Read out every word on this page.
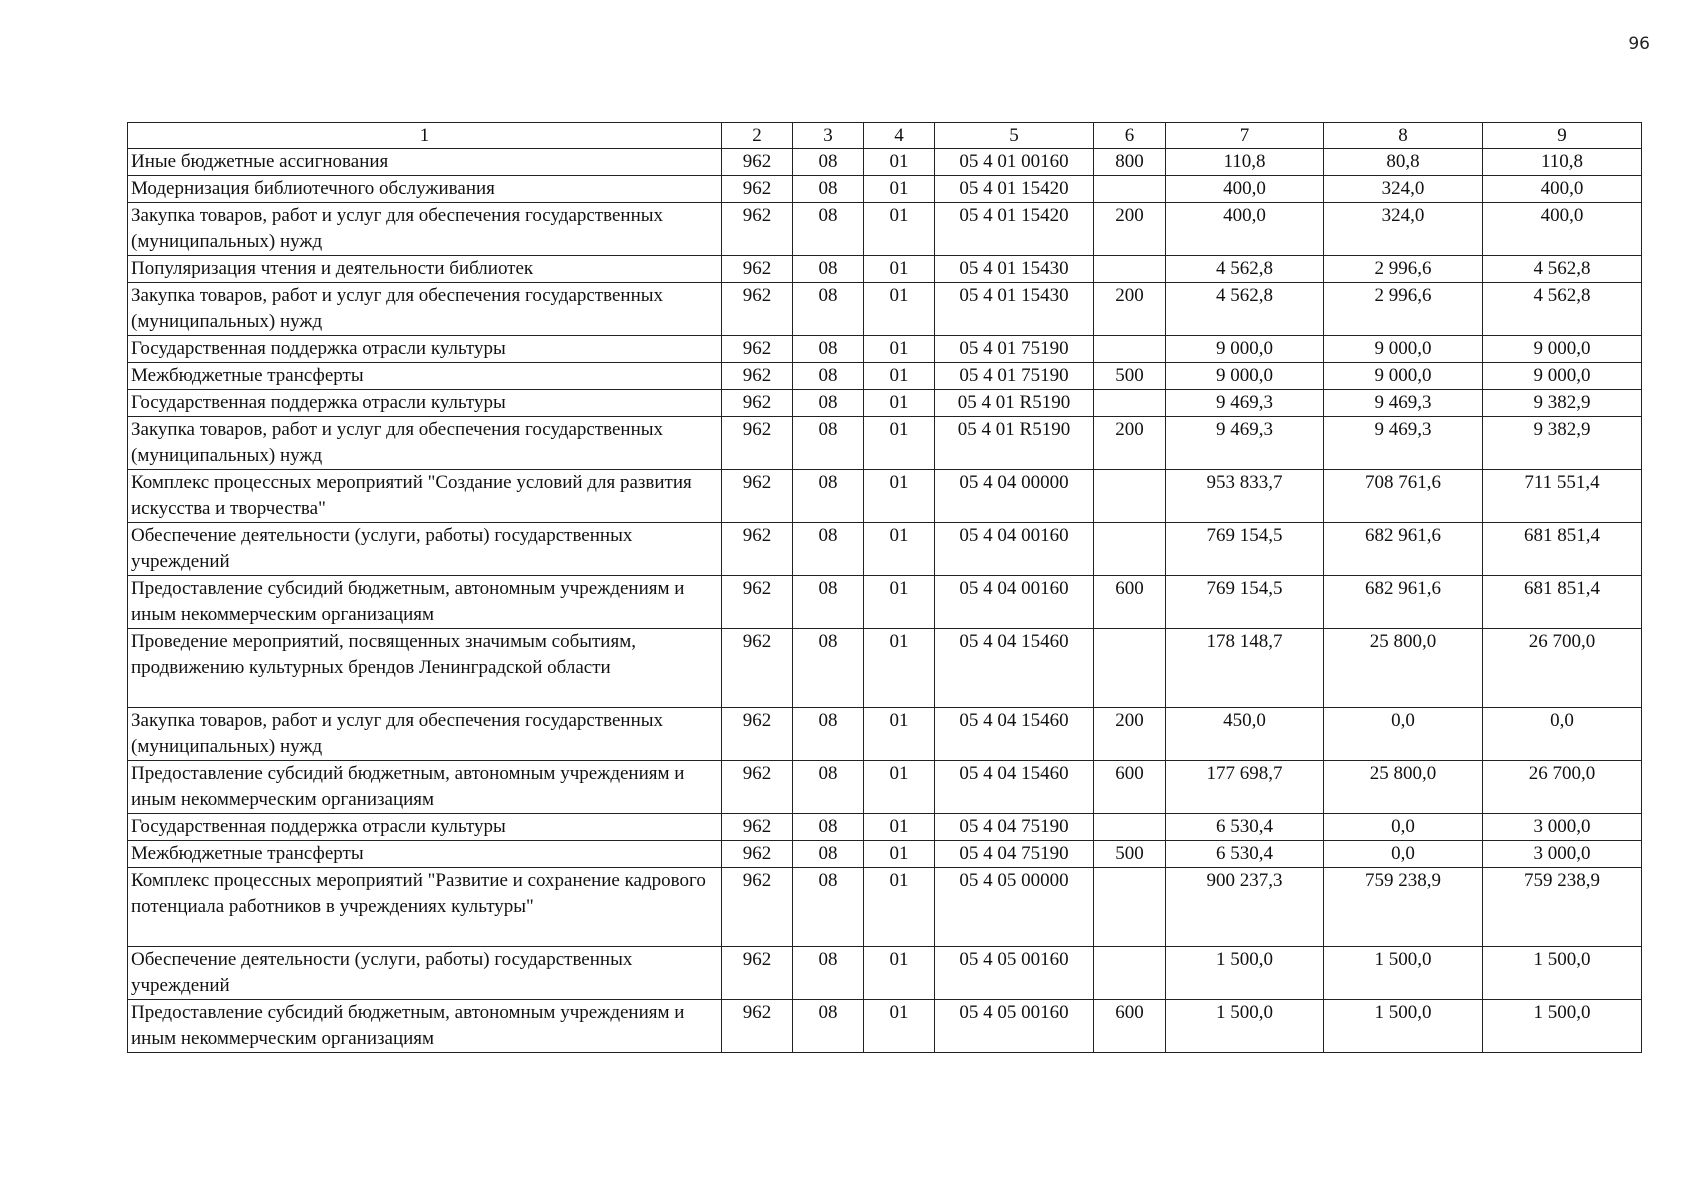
96
1	2	3	4	5	6	7	8	9
Иные бюджетные ассигнования	962	08	01	05 4 01 00160	800	110,8	80,8	110,8
Модернизация библиотечного обслуживания	962	08	01	05 4 01 15420		400,0	324,0	400,0
Закупка товаров, работ и услуг для обеспечения государственных (муниципальных) нужд	962	08	01	05 4 01 15420	200	400,0	324,0	400,0
Популяризация чтения и деятельности библиотек	962	08	01	05 4 01 15430		4 562,8	2 996,6	4 562,8
Закупка товаров, работ и услуг для обеспечения государственных (муниципальных) нужд	962	08	01	05 4 01 15430	200	4 562,8	2 996,6	4 562,8
Государственная поддержка отрасли культуры	962	08	01	05 4 01 75190		9 000,0	9 000,0	9 000,0
Межбюджетные трансферты	962	08	01	05 4 01 75190	500	9 000,0	9 000,0	9 000,0
Государственная поддержка отрасли культуры	962	08	01	05 4 01 R5190		9 469,3	9 469,3	9 382,9
Закупка товаров, работ и услуг для обеспечения государственных (муниципальных) нужд	962	08	01	05 4 01 R5190	200	9 469,3	9 469,3	9 382,9
Комплекс процессных мероприятий "Создание условий для развития искусства и творчества"	962	08	01	05 4 04 00000		953 833,7	708 761,6	711 551,4
Обеспечение деятельности (услуги, работы) государственных учреждений	962	08	01	05 4 04 00160		769 154,5	682 961,6	681 851,4
Предоставление субсидий бюджетным, автономным учреждениям и иным некоммерческим организациям	962	08	01	05 4 04 00160	600	769 154,5	682 961,6	681 851,4
Проведение мероприятий, посвященных значимым событиям, продвижению культурных брендов Ленинградской области	962	08	01	05 4 04 15460		178 148,7	25 800,0	26 700,0
Закупка товаров, работ и услуг для обеспечения государственных (муниципальных) нужд	962	08	01	05 4 04 15460	200	450,0	0,0	0,0
Предоставление субсидий бюджетным, автономным учреждениям и иным некоммерческим организациям	962	08	01	05 4 04 15460	600	177 698,7	25 800,0	26 700,0
Государственная поддержка отрасли культуры	962	08	01	05 4 04 75190		6 530,4	0,0	3 000,0
Межбюджетные трансферты	962	08	01	05 4 04 75190	500	6 530,4	0,0	3 000,0
Комплекс процессных мероприятий "Развитие и сохранение кадрового потенциала работников в учреждениях культуры"	962	08	01	05 4 05 00000		900 237,3	759 238,9	759 238,9
Обеспечение деятельности (услуги, работы) государственных учреждений	962	08	01	05 4 05 00160		1 500,0	1 500,0	1 500,0
Предоставление субсидий бюджетным, автономным учреждениям и иным некоммерческим организациям	962	08	01	05 4 05 00160	600	1 500,0	1 500,0	1 500,0
